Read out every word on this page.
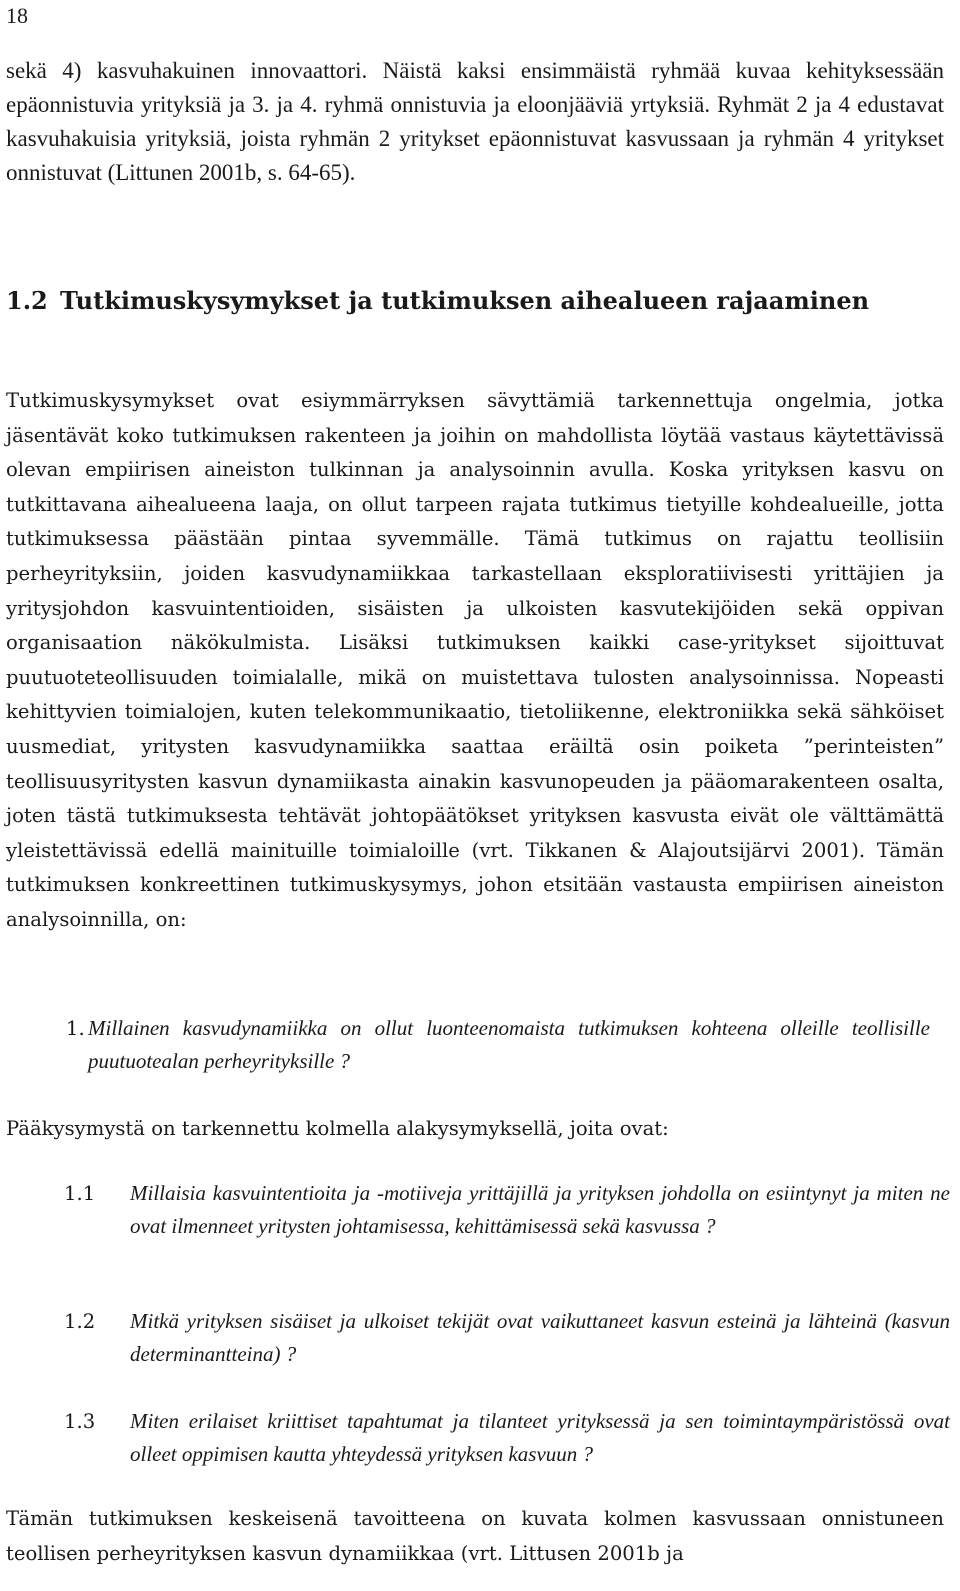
18

sekä 4) kasvuhakuinen innovaattori. Näistä kaksi ensimmäistä ryhmää kuvaa kehityksessään epäonnistuvia yrityksiä ja 3. ja 4. ryhmä onnistuvia ja eloonjääviä yrtyksiä. Ryhmät 2 ja 4 edustavat kasvuhakuisia yrityksiä, joista ryhmän 2 yritykset epäonnistuvat kasvussaan ja ryhmän 4 yritykset onnistuvat (Littunen 2001b, s. 64-65).

1.2 Tutkimuskysymykset ja tutkimuksen aihealueen rajaaminen

Tutkimuskysymykset ovat esiymmärryksen sävyttämiä tarkennettuja ongelmia, jotka jäsentävät koko tutkimuksen rakenteen ja joihin on mahdollista löytää vastaus käytettävissä olevan empiirisen aineiston tulkinnan ja analysoinnin avulla. Koska yrityksen kasvu on tutkittavana aihealueena laaja, on ollut tarpeen rajata tutkimus tietyille kohdealueille, jotta tutkimuksessa päästään pintaa syvemmälle. Tämä tutkimus on rajattu teollisiin perheyrityksiin, joiden kasvudynamiikkaa tarkastellaan eksploratiivisesti yrittäjien ja yritysjohdon kasvuintentioiden, sisäisten ja ulkoisten kasvutekijöiden sekä oppivan organisaation näkökulmista. Lisäksi tutkimuksen kaikki case-yritykset sijoittuvat puutuoteteollisuuden toimialalle, mikä on muistettava tulosten analysoinnissa. Nopeasti kehittyvien toimialojen, kuten telekommunikaatio, tietoliikenne, elektroniikka sekä sähköiset uusmediat, yritysten kasvudynamiikka saattaa eräiltä osin poiketa ”perinteisten” teollisuusyritysten kasvun dynamiikasta ainakin kasvunopeuden ja pääomarakenteen osalta, joten tästä tutkimuksesta tehtävät johtopäätökset yrityksen kasvusta eivät ole välttämättä yleistettävissä edellä mainituille toimialoille (vrt. Tikkanen & Alajoutsijärvi 2001). Tämän tutkimuksen konkreettinen tutkimuskysymys, johon etsitään vastausta empiirisen aineiston analysoinnilla, on:

1. Millainen kasvudynamiikka on ollut luonteenomaista tutkimuksen kohteena olleille teollisille puutuotealan perheyrityksille ?

Pääkysymystä on tarkennettu kolmella alakysymyksellä, joita ovat:

1.1 Millaisia kasvuintentioita ja -motiiveja yrittäjillä ja yrityksen johdolla on esiintynyt ja miten ne ovat ilmenneet yritysten johtamisessa, kehittämisessä sekä kasvussa ?
1.2 Mitkä yrityksen sisäiset ja ulkoiset tekijät ovat vaikuttaneet kasvun esteinä ja lähteinä (kasvun determinantteina) ?
1.3 Miten erilaiset kriittiset tapahtumat ja tilanteet yrityksessä ja sen toimintaympäristössä ovat olleet oppimisen kautta yhteydessä yrityksen kasvuun ?

Tämän tutkimuksen keskeisenä tavoitteena on kuvata kolmen kasvussaan onnistuneen teollisen perheyrityksen kasvun dynamiikkaa (vrt. Littusen 2001b ja
